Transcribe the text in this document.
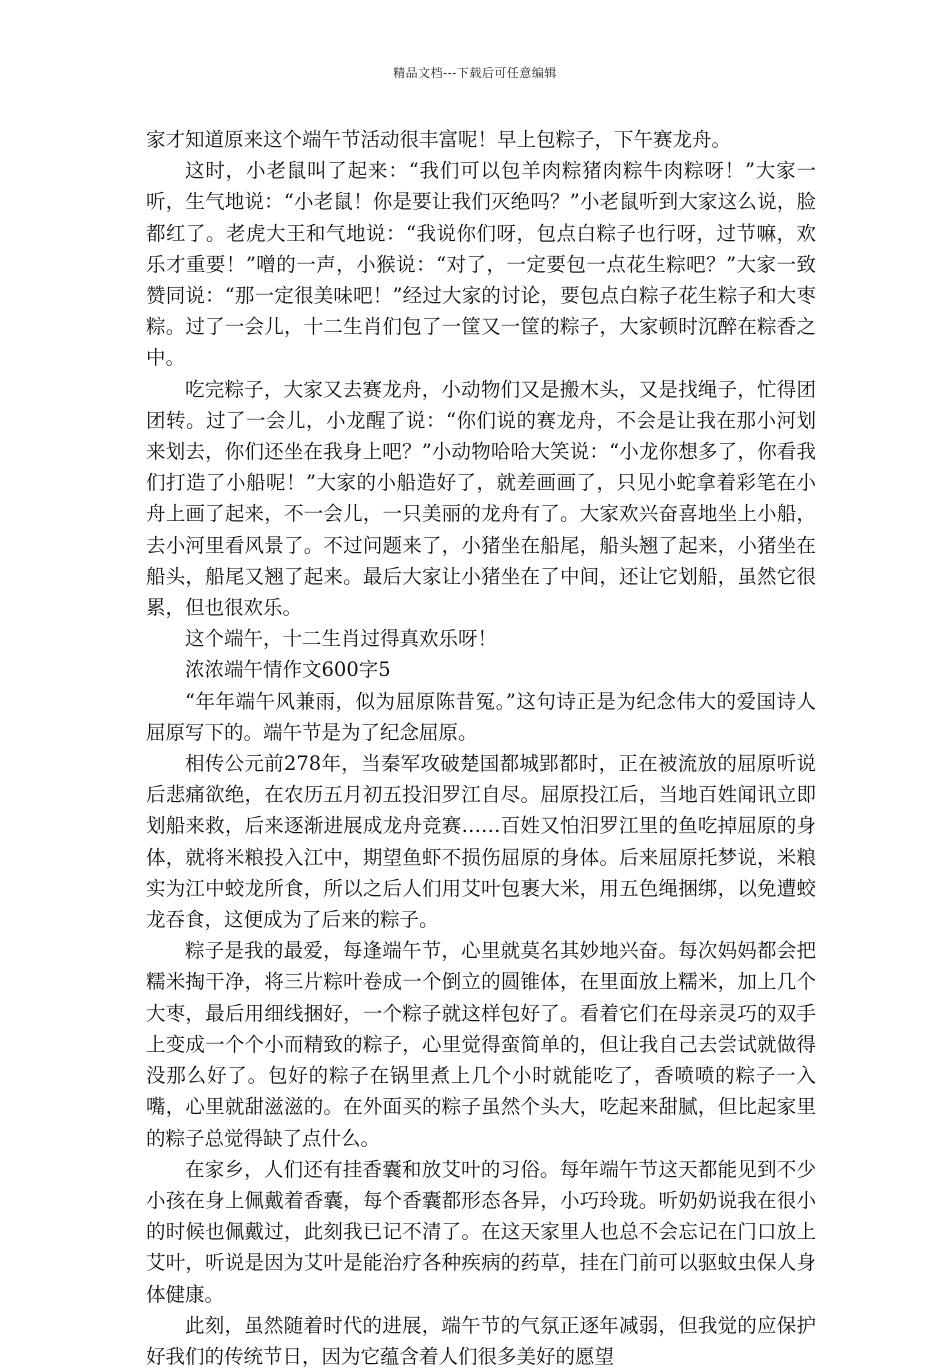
精品文档---下载后可任意编辑

家才知道原来这个端午节活动很丰富呢！早上包粽子，下午赛龙舟。

这时，小老鼠叫了起来：“我们可以包羊肉粽猪肉粽牛肉粽呀！”大家一听，生气地说：“小老鼠！你是要让我们灭绝吗？”小老鼠听到大家这么说，脸都红了。老虎大王和气地说：“我说你们呀，包点白粽子也行呀，过节嘛，欢乐才重要！”噌的一声，小猴说：“对了，一定要包一点花生粽吧？”大家一致赞同说：“那一定很美味吧！”经过大家的讨论，要包点白粽子花生粽子和大枣粽。过了一会儿，十二生肖们包了一筐又一筐的粽子，大家顿时沉醉在粽香之中。

吃完粽子，大家又去赛龙舟，小动物们又是搬木头，又是找绳子，忙得团团转。过了一会儿，小龙醒了说：“你们说的赛龙舟，不会是让我在那小河划来划去，你们还坐在我身上吧？”小动物哈哈大笑说：“小龙你想多了，你看我们打造了小船呢！”大家的小船造好了，就差画画了，只见小蛇拿着彩笔在小舟上画了起来，不一会儿，一只美丽的龙舟有了。大家欢兴奋喜地坐上小船，去小河里看风景了。不过问题来了，小猪坐在船尾，船头翘了起来，小猪坐在船头，船尾又翘了起来。最后大家让小猪坐在了中间，还让它划船，虽然它很累，但也很欢乐。

这个端午，十二生肖过得真欢乐呀！

浓浓端午情作文600字5

“年年端午风兼雨，似为屈原陈昔冤。”这句诗正是为纪念伟大的爱国诗人屈原写下的。端午节是为了纪念屈原。

相传公元前278年，当秦军攻破楚国都城郢都时，正在被流放的屈原听说后悲痛欲绝，在农历五月初五投汨罗江自尽。屈原投江后，当地百姓闻讯立即划船来救，后来逐渐进展成龙舟竞赛……百姓又怕汨罗江里的鱼吃掉屈原的身体，就将米粮投入江中，期望鱼虾不损伤屈原的身体。后来屈原托梦说，米粮实为江中蛟龙所食，所以之后人们用艾叶包裹大米，用五色绳捆绑，以免遭蛟龙吞食，这便成为了后来的粽子。

粽子是我的最爱，每逢端午节，心里就莫名其妙地兴奋。每次妈妈都会把糯米掏干净，将三片粽叶卷成一个倒立的圆锥体，在里面放上糯米，加上几个大枣，最后用细线捆好，一个粽子就这样包好了。看着它们在母亲灵巧的双手上变成一个个小而精致的粽子，心里觉得蛮简单的，但让我自己去尝试就做得没那么好了。包好的粽子在锅里煮上几个小时就能吃了，香喷喷的粽子一入嘴，心里就甜滋滋的。在外面买的粽子虽然个头大，吃起来甜腻，但比起家里的粽子总觉得缺了点什么。

在家乡，人们还有挂香囊和放艾叶的习俗。每年端午节这天都能见到不少小孩在身上佩戴着香囊，每个香囊都形态各异，小巧玲珑。听奶奶说我在很小的时候也佩戴过，此刻我已记不清了。在这天家里人也总不会忘记在门口放上艾叶，听说是因为艾叶是能治疗各种疾病的药草，挂在门前可以驱蚊虫保人身体健康。

此刻，虽然随着时代的进展，端午节的气氛正逐年减弱，但我觉的应保护好我们的传统节日，因为它蕴含着人们很多美好的愿望
